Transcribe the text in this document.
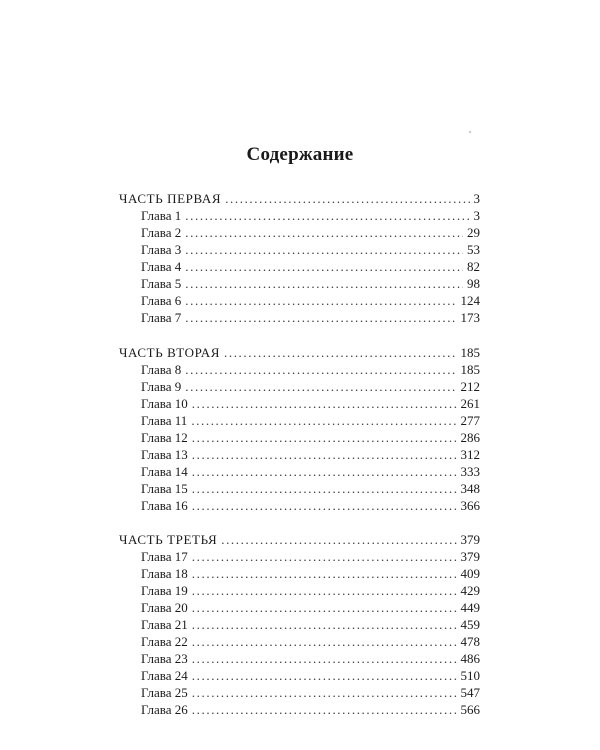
Содержание
ЧАСТЬ ПЕРВАЯ .....	3
Глава 1 .....	3
Глава 2 .....	29
Глава 3 .....	53
Глава 4 .....	82
Глава 5 .....	98
Глава 6 .....	124
Глава 7 .....	173
ЧАСТЬ ВТОРАЯ .....	185
Глава 8 .....	185
Глава 9 .....	212
Глава 10 .....	261
Глава 11 .....	277
Глава 12 .....	286
Глава 13 .....	312
Глава 14 .....	333
Глава 15 .....	348
Глава 16 .....	366
ЧАСТЬ ТРЕТЬЯ .....	379
Глава 17 .....	379
Глава 18 .....	409
Глава 19 .....	429
Глава 20 .....	449
Глава 21 .....	459
Глава 22 .....	478
Глава 23 .....	486
Глава 24 .....	510
Глава 25 .....	547
Глава 26 .....	566
